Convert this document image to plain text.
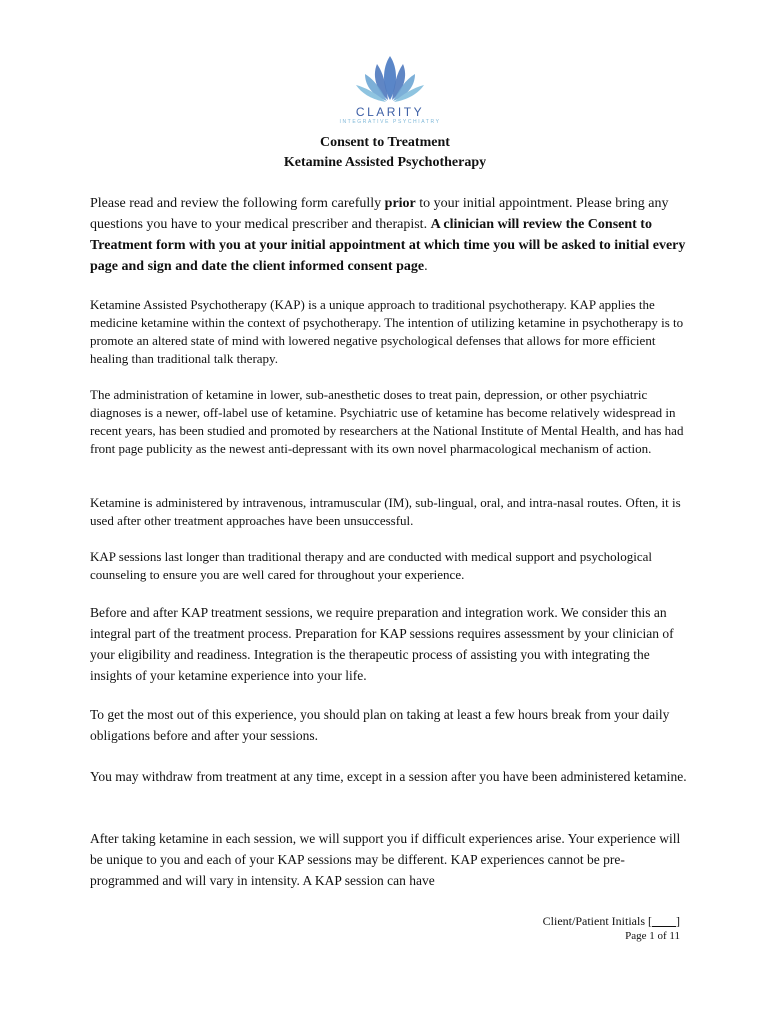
CLARITY
INTEGRATIVE PSYCHIATRY
Consent to Treatment
Ketamine Assisted Psychotherapy
Please read and review the following form carefully prior to your initial appointment. Please bring any questions you have to your medical prescriber and therapist. A clinician will review the Consent to Treatment form with you at your initial appointment at which time you will be asked to initial every page and sign and date the client informed consent page.
Ketamine Assisted Psychotherapy (KAP) is a unique approach to traditional psychotherapy. KAP applies the medicine ketamine within the context of psychotherapy. The intention of utilizing ketamine in psychotherapy is to promote an altered state of mind with lowered negative psychological defenses that allows for more efficient healing than traditional talk therapy.
The administration of ketamine in lower, sub-anesthetic doses to treat pain, depression, or other psychiatric diagnoses is a newer, off-label use of ketamine. Psychiatric use of ketamine has become relatively widespread in recent years, has been studied and promoted by researchers at the National Institute of Mental Health, and has had front page publicity as the newest anti-depressant with its own novel pharmacological mechanism of action.
Ketamine is administered by intravenous, intramuscular (IM), sub-lingual, oral, and intra-nasal routes. Often, it is used after other treatment approaches have been unsuccessful.
KAP sessions last longer than traditional therapy and are conducted with medical support and psychological counseling to ensure you are well cared for throughout your experience.
Before and after KAP treatment sessions, we require preparation and integration work. We consider this an integral part of the treatment process. Preparation for KAP sessions requires assessment by your clinician of your eligibility and readiness. Integration is the therapeutic process of assisting you with integrating the insights of your ketamine experience into your life.
To get the most out of this experience, you should plan on taking at least a few hours break from your daily obligations before and after your sessions.
You may withdraw from treatment at any time, except in a session after you have been administered ketamine.
After taking ketamine in each session, we will support you if difficult experiences arise. Your experience will be unique to you and each of your KAP sessions may be different. KAP experiences cannot be pre-programmed and will vary in intensity. A KAP session can have
Client/Patient Initials [____]
Page 1 of 11
